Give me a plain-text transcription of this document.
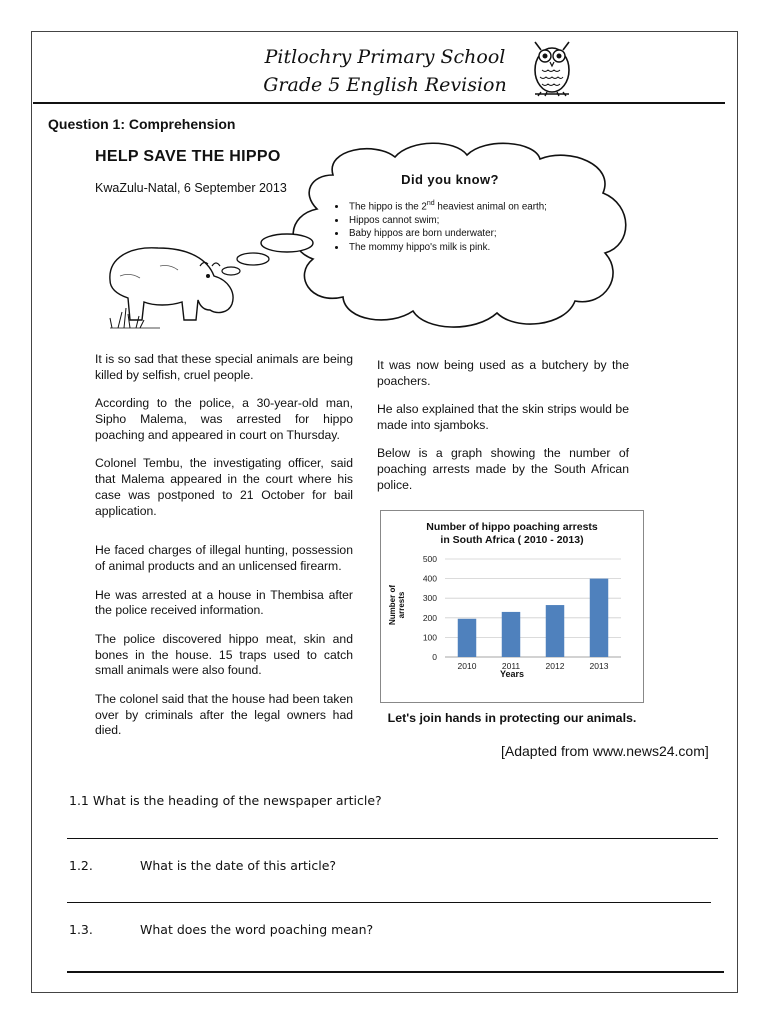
Pitlochry Primary School
Grade 5 English Revision
Question 1: Comprehension
HELP SAVE THE HIPPO
KwaZulu-Natal, 6 September 2013
Did you know?
• The hippo is the 2nd heaviest animal on earth;
• Hippos cannot swim;
• Baby hippos are born underwater;
• The mommy hippo's milk is pink.

It is so sad that these special animals are being killed by selfish, cruel people.

According to the police, a 30-year-old man, Sipho Malema, was arrested for hippo poaching and appeared in court on Thursday.

Colonel Tembu, the investigating officer, said that Malema appeared in the court where his case was postponed to 21 October for bail application.

He faced charges of illegal hunting, possession of animal products and an unlicensed firearm.

He was arrested at a house in Thembisa after the police received information.

The police discovered hippo meat, skin and bones in the house. 15 traps used to catch small animals were also found.

The colonel said that the house had been taken over by criminals after the legal owners had died.

It was now being used as a butchery by the poachers.

He also explained that the skin strips would be made into sjamboks.

Below is a graph showing the number of poaching arrests made by the South African police.

Number of hippo poaching arrests
in South Africa ( 2010 - 2013)
2010	2011	2012	2013
0
100
200
300
400
500
Years
Number of arrests
Let's join hands in protecting our animals.
[Adapted from www.news24.com]
1.1 What is the heading of the newspaper article?
1.2.	What is the date of this article?
1.3.	What does the word poaching mean?
